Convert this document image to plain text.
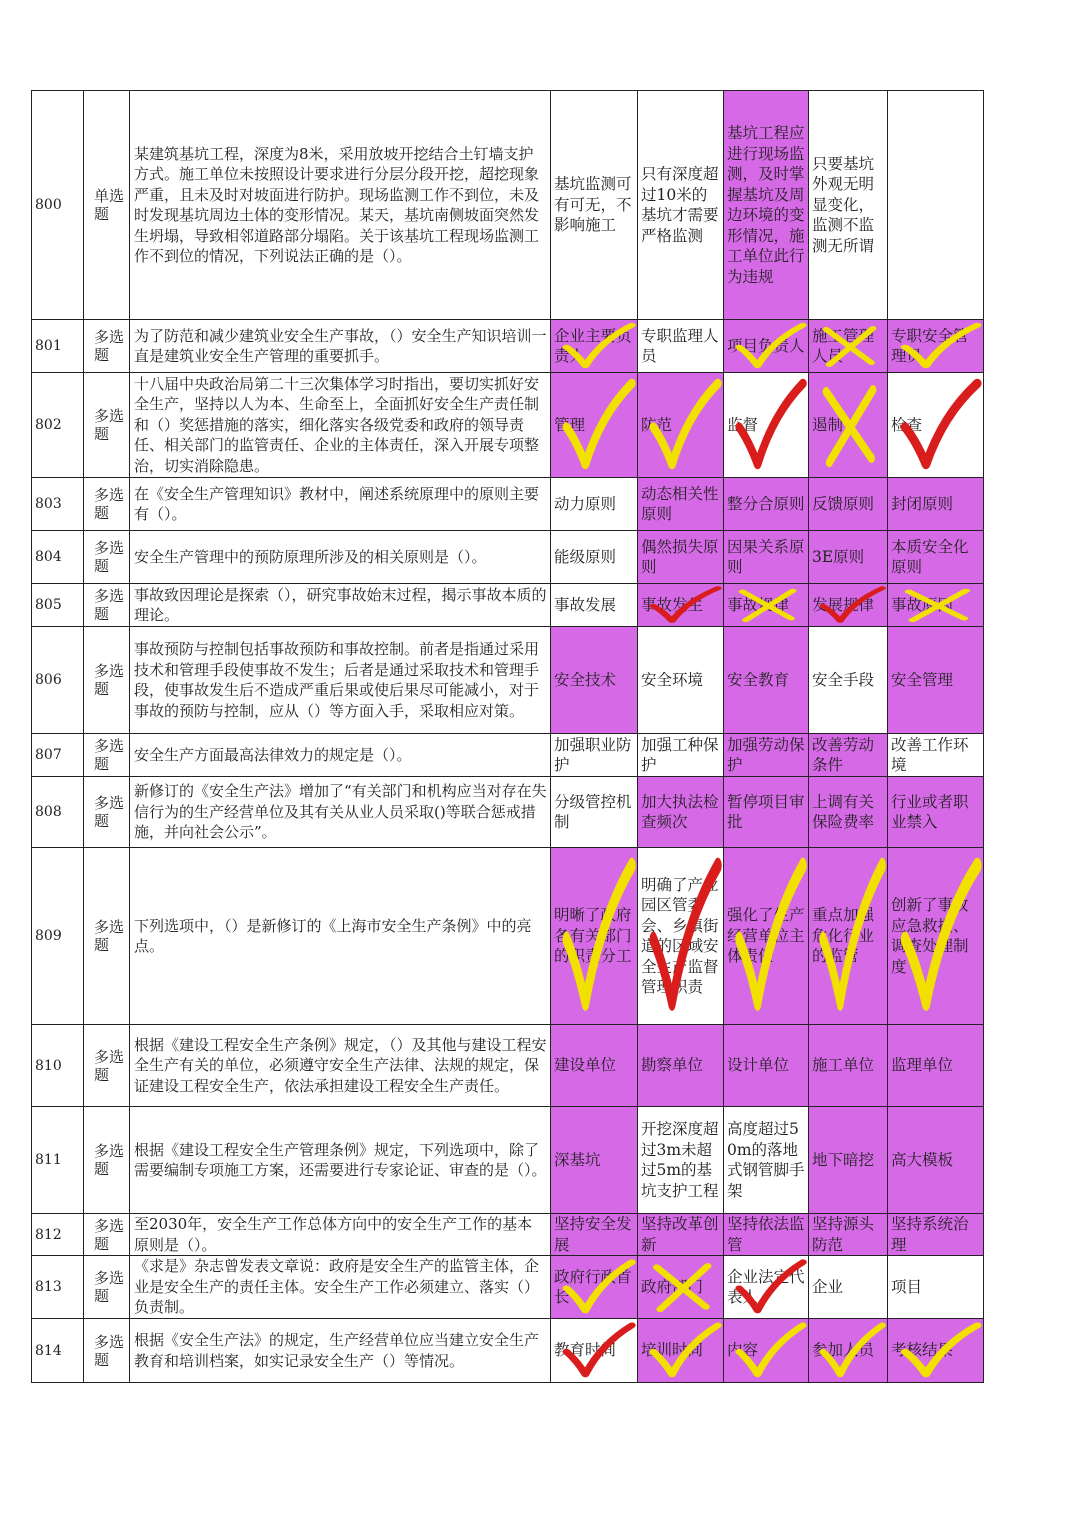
800	单选题	某建筑基坑工程，深度为8米，采用放坡开挖结合土钉墙支护方式。施工单位未按照设计要求进行分层分段开挖，超挖现象严重，且未及时对坡面进行防护。现场监测工作不到位，未及时发现基坑周边土体的变形情况。某天，基坑南侧坡面突然发生坍塌，导致相邻道路部分塌陷。关于该基坑工程现场监测工作不到位的情况，下列说法正确的是（）。	基坑监测可有可无，不影响施工	只有深度超过10米的基坑才需要严格监测	基坑工程应进行现场监测，及时掌握基坑及周边环境的变形情况，施工单位此行为违规	只要基坑外观无明显变化，监测不监测无所谓	
801	多选题	为了防范和减少建筑业安全生产事故，（）安全生产知识培训一直是建筑业安全生产管理的重要抓手。	企业主要负责人	专职监理人员	项目负责人	施工管理人员	专职安全管理员

802	多选题	十八届中央政治局第二十三次集体学习时指出，要切实抓好安全生产，坚持以人为本、生命至上，全面抓好安全生产责任制和（）奖惩措施的落实，细化落实各级党委和政府的领导责任、相关部门的监管责任、企业的主体责任，深入开展专项整治，切实消除隐患。	管理	防范	监督	遏制	检查

803	多选题	在《安全生产管理知识》教材中，阐述系统原理中的原则主要有（）。	动力原则	动态相关性原则	整分合原则	反馈原则	封闭原则
804	多选题	安全生产管理中的预防原理所涉及的相关原则是（）。	能级原则	偶然损失原则	因果关系原则	3E原则	本质安全化原则
805	多选题	事故致因理论是探索（），研究事故始末过程，揭示事故本质的理论。	事故发展	事故发生	事故规律	发展规律	事故原因

806	多选题	事故预防与控制包括事故预防和事故控制。前者是指通过采用技术和管理手段使事故不发生；后者是通过采取技术和管理手段，使事故发生后不造成严重后果或使后果尽可能减小，对于事故的预防与控制，应从（）等方面入手，采取相应对策。	安全技术	安全环境	安全教育	安全手段	安全管理
807	多选题	安全生产方面最高法律效力的规定是（）。	加强职业防护	加强工种保护	加强劳动保护	改善劳动条件	改善工作环境
808	多选题	新修订的《安全生产法》增加了“有关部门和机构应当对存在失信行为的生产经营单位及其有关从业人员采取()等联合惩戒措施，并向社会公示”。	分级管控机制	加大执法检查频次	暂停项目审批	上调有关保险费率	行业或者职业禁入
809	多选题	下列选项中，（）是新修订的《上海市安全生产条例》中的亮点。	明晰了政府各有关部门的职责分工	明确了产业园区管委会、乡镇街道的区域安全生产监督管理职责	强化了生产经营单位主体责任	重点加强危化行业的监管	创新了事故应急救援、调查处理制度

810	多选题	根据《建设工程安全生产条例》规定，（）及其他与建设工程安全生产有关的单位，必须遵守安全生产法律、法规的规定，保证建设工程安全生产，依法承担建设工程安全生产责任。	建设单位	勘察单位	设计单位	施工单位	监理单位
811	多选题	根据《建设工程安全生产管理条例》规定，下列选项中，除了需要编制专项施工方案，还需要进行专家论证、审查的是（）。	深基坑	开挖深度超过3m未超过5m的基坑支护工程	高度超过50m的落地式钢管脚手架	地下暗挖	高大模板
812	多选题	至2030年，安全生产工作总体方向中的安全生产工作的基本原则是（）。	坚持安全发展	坚持改革创新	坚持依法监管	坚持源头防范	坚持系统治理
813	多选题	《求是》杂志曾发表文章说：政府是安全生产的监管主体，企业是安全生产的责任主体。安全生产工作必须建立、落实（）负责制。	政府行政首长	政府部门	企业法定代表人	企业	项目
814	多选题	根据《安全生产法》的规定，生产经营单位应当建立安全生产教育和培训档案，如实记录安全生产（）等情况。	教育时间	培训时间	内容	参加人员	考核结果
